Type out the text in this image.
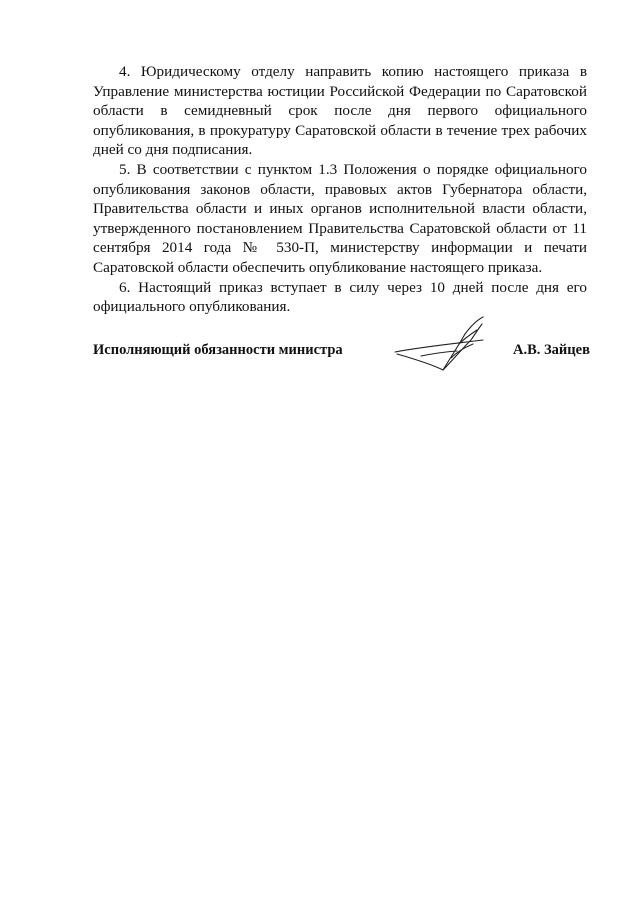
4. Юридическому отделу направить копию настоящего приказа в Управление министерства юстиции Российской Федерации по Саратовской области в семидневный срок после дня первого официального опубликования, в прокуратуру Саратовской области в течение трех рабочих дней со дня подписания.

5. В соответствии с пунктом 1.3 Положения о порядке официального опубликования законов области, правовых актов Губернатора области, Правительства области и иных органов исполнительной власти области, утвержденного постановлением Правительства Саратовской области от 11 сентября 2014 года № 530-П, министерству информации и печати Саратовской области обеспечить опубликование настоящего приказа.

6. Настоящий приказ вступает в силу через 10 дней после дня его официального опубликования.

Исполняющий обязанности министра	А.В. Зайцев
